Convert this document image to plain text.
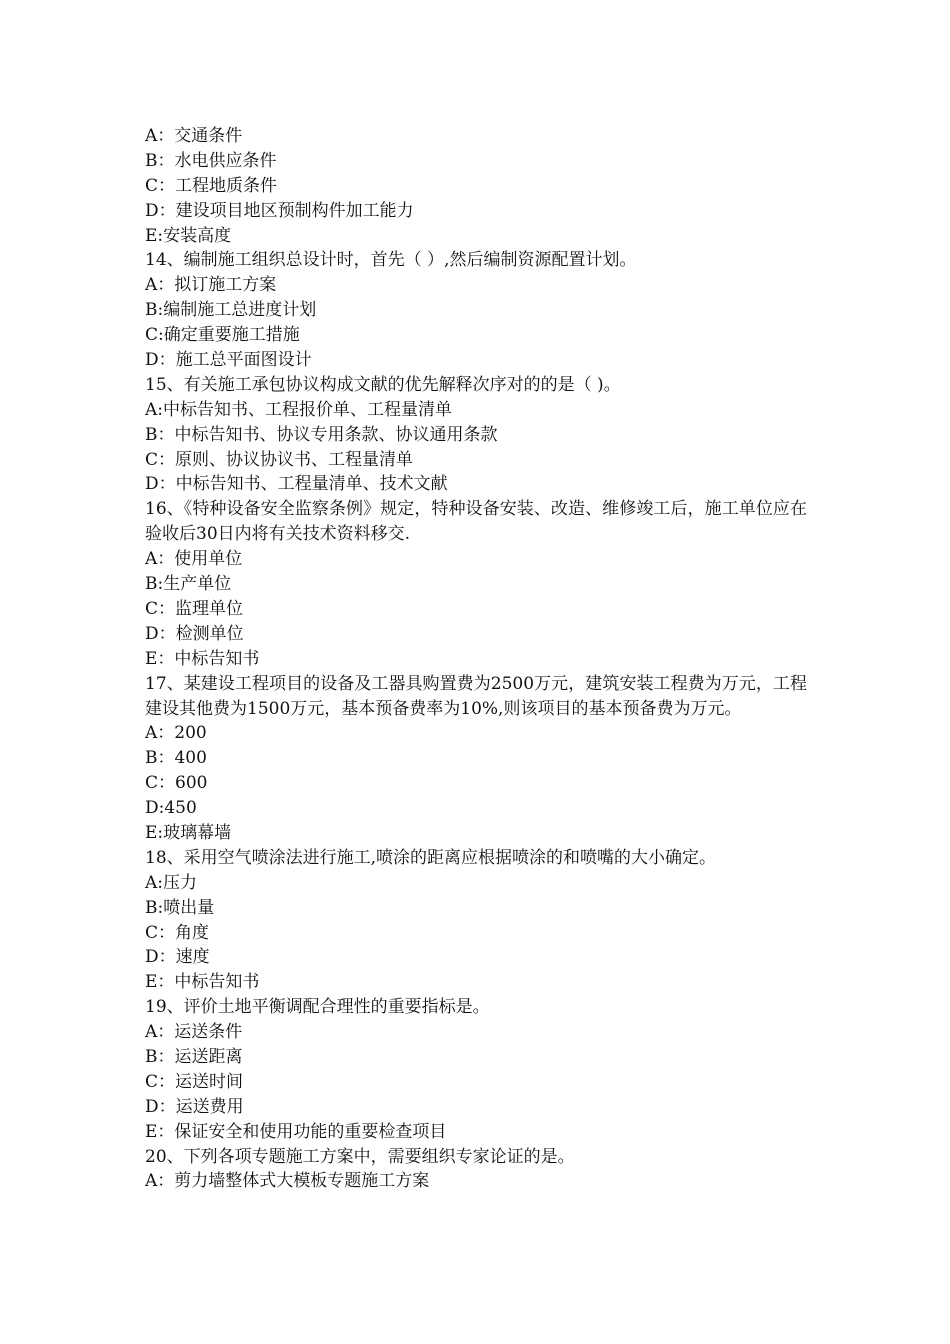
A：交通条件
B：水电供应条件
C：工程地质条件
D：建设项目地区预制构件加工能力
E:安装高度
14、编制施工组织总设计时，首先（ ）,然后编制资源配置计划。
A：拟订施工方案
B:编制施工总进度计划
C:确定重要施工措施
D：施工总平面图设计
15、有关施工承包协议构成文献的优先解释次序对的的是（ )。
A:中标告知书、工程报价单、工程量清单
B：中标告知书、协议专用条款、协议通用条款
C：原则、协议协议书、工程量清单
D：中标告知书、工程量清单、技术文献
16、《特种设备安全监察条例》规定，特种设备安装、改造、维修竣工后，施工单位应在验收后30日内将有关技术资料移交.
A：使用单位
B:生产单位
C：监理单位
D：检测单位
E：中标告知书
17、某建设工程项目的设备及工器具购置费为2500万元，建筑安装工程费为万元，工程建设其他费为1500万元，基本预备费率为10%,则该项目的基本预备费为万元。
A：200
B：400
C：600
D:450
E:玻璃幕墙
18、采用空气喷涂法进行施工,喷涂的距离应根据喷涂的和喷嘴的大小确定。
A:压力
B:喷出量
C：角度
D：速度
E：中标告知书
19、评价土地平衡调配合理性的重要指标是。
A：运送条件
B：运送距离
C：运送时间
D：运送费用
E：保证安全和使用功能的重要检查项目
20、下列各项专题施工方案中，需要组织专家论证的是。
A：剪力墙整体式大模板专题施工方案
